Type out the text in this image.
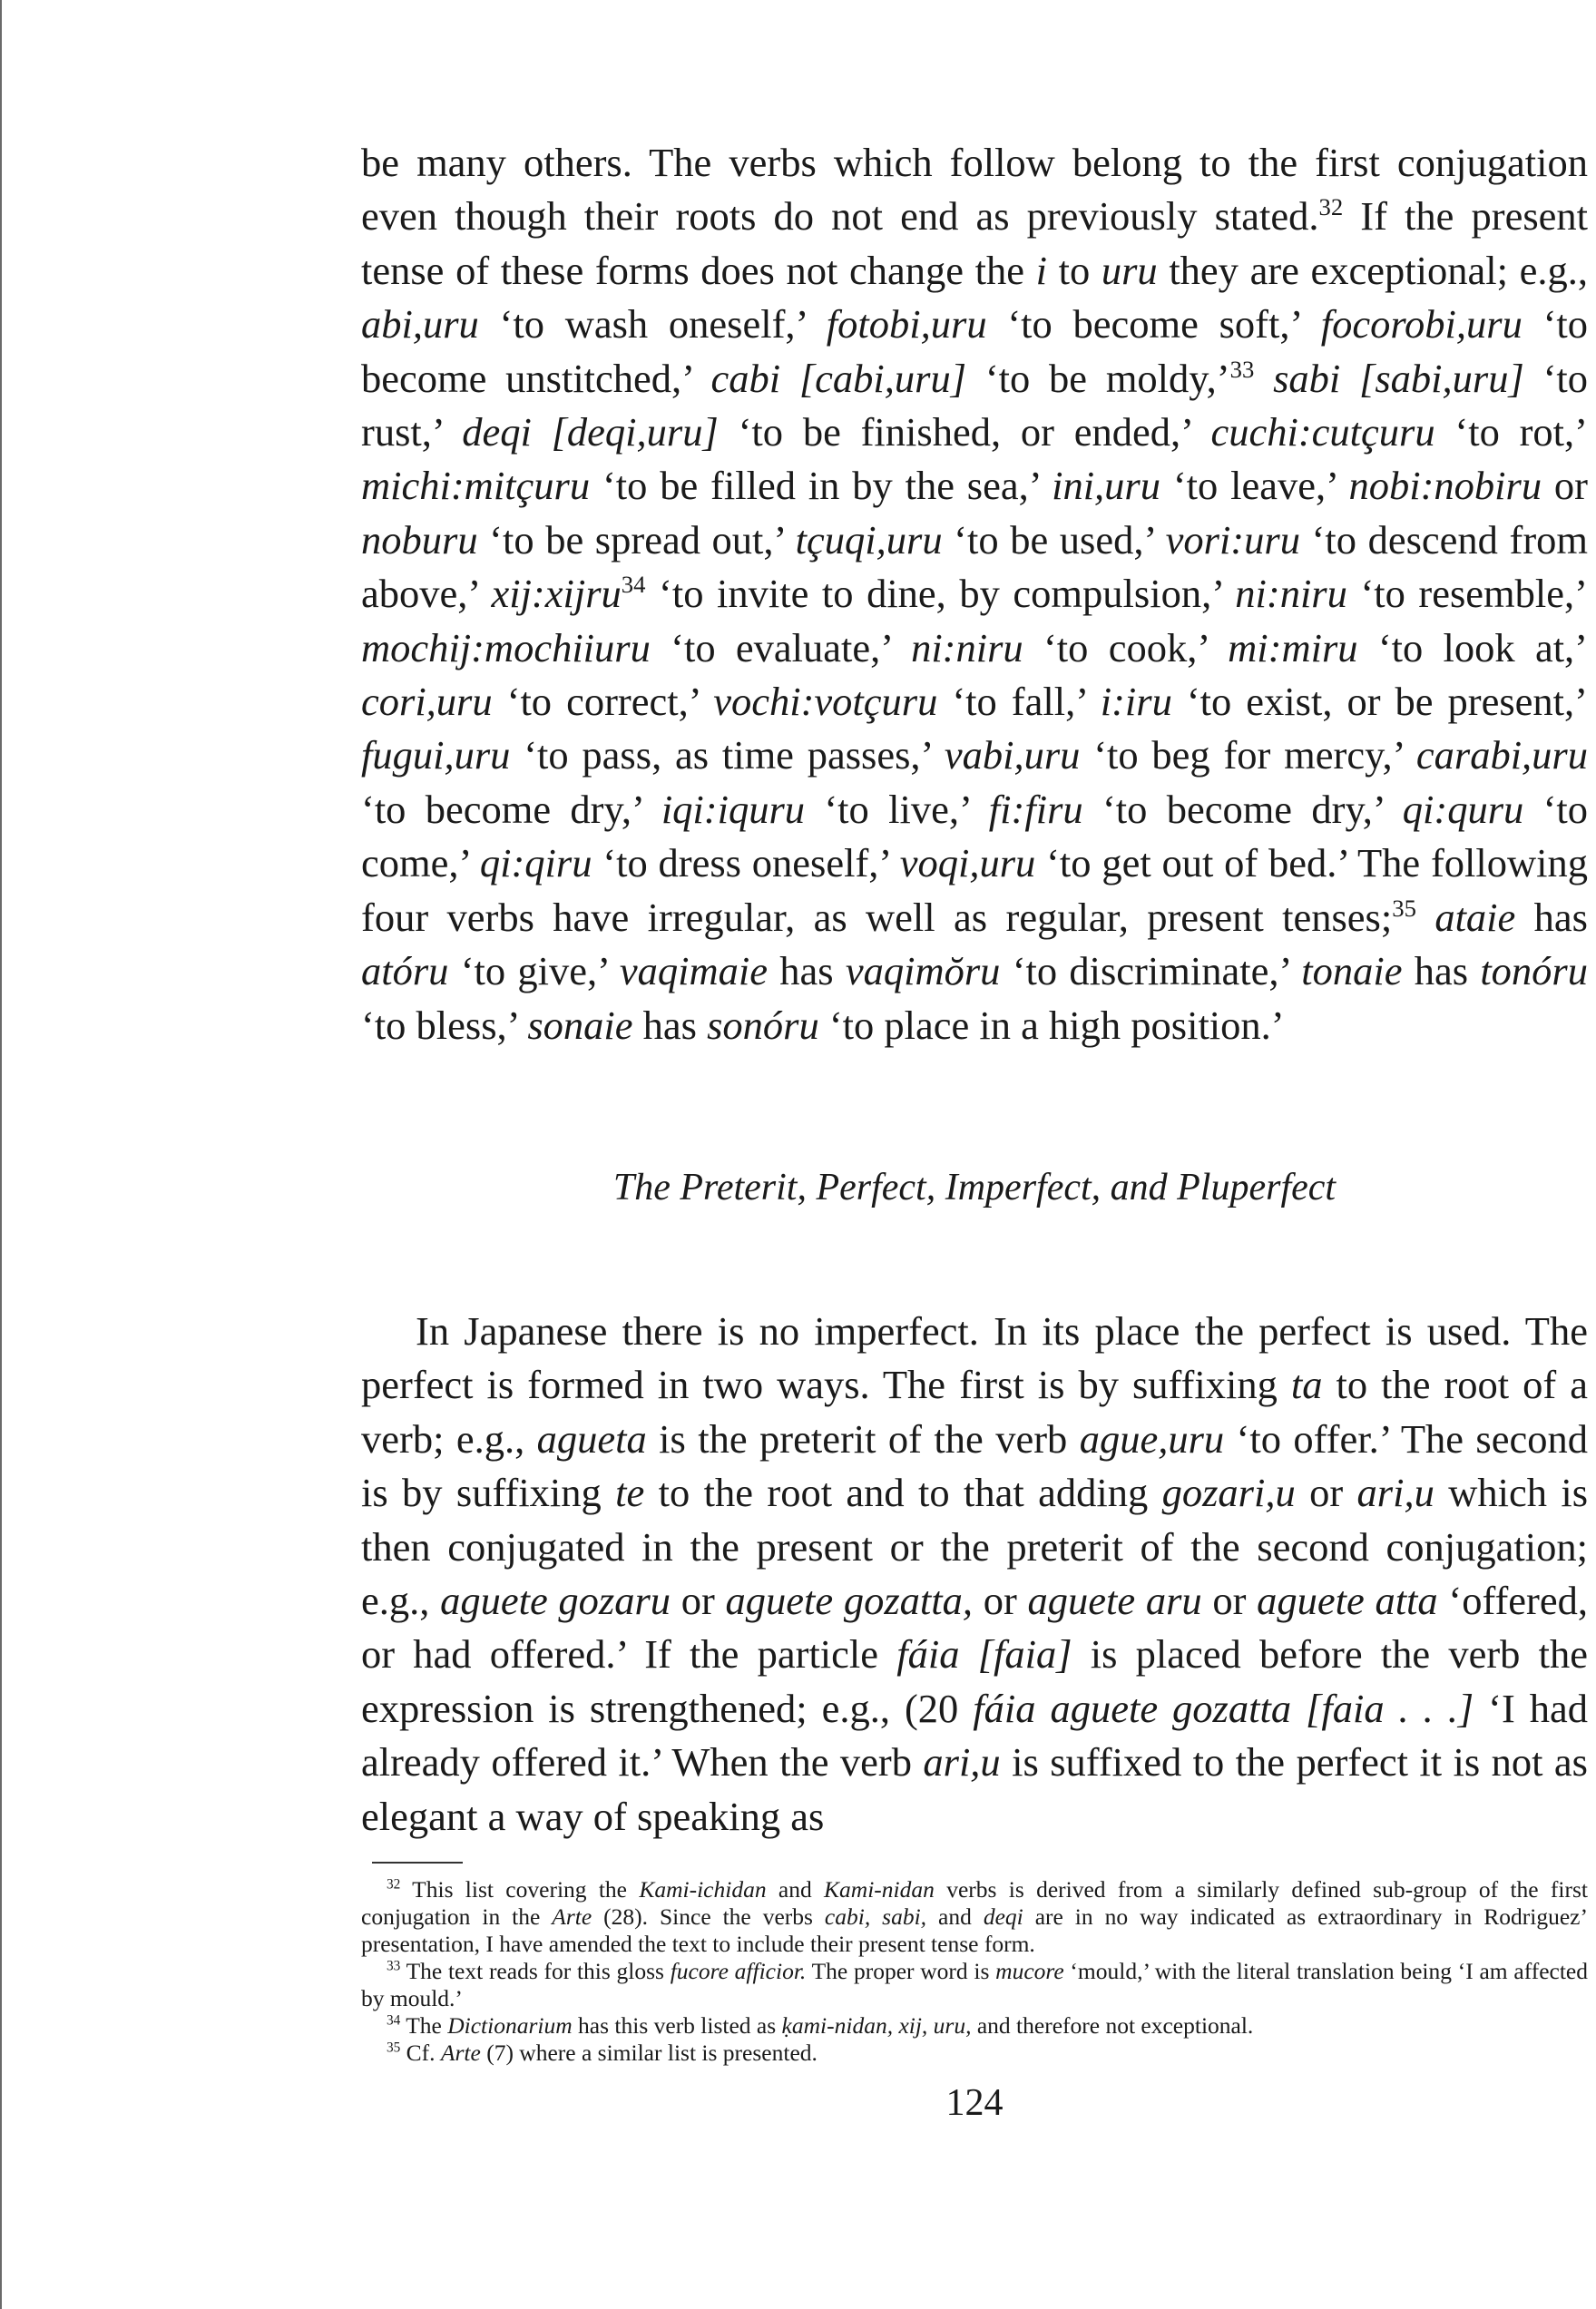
be many others. The verbs which follow belong to the first conjugation even though their roots do not end as previously stated.$^{32}$ If the present tense of these forms does not change the i to uru they are exceptional; e.g., abi,uru ‘to wash oneself,’ fotobi,uru ‘to become soft,’ focorobi,uru ‘to become unstitched,’ cabi [cabi,uru] ‘to be moldy,’$^{33}$ sabi [sabi,uru] ‘to rust,’ deqi [deqi,uru] ‘to be finished, or ended,’ cuchi:cutçuru ‘to rot,’ michi:mitçuru ‘to be filled in by the sea,’ ini,uru ‘to leave,’ nobi:nobiru or noburu ‘to be spread out,’ tçuqi,uru ‘to be used,’ vori:uru ‘to descend from above,’ xij:xijru$^{34}$ ‘to invite to dine, by compulsion,’ ni:niru ‘to resemble,’ mochij:mochiiuru ‘to evaluate,’ ni:niru ‘to cook,’ mi:miru ‘to look at,’ cori,uru ‘to correct,’ vochi:votçuru ‘to fall,’ i:iru ‘to exist, or be present,’ fugui,uru ‘to pass, as time passes,’ vabi,uru ‘to beg for mercy,’ carabi,uru ‘to become dry,’ iqi:iquru ‘to live,’ fi:firu ‘to become dry,’ qi:quru ‘to come,’ qi:qiru ‘to dress oneself,’ voqi,uru ‘to get out of bed.’ The following four verbs have irregular, as well as regular, present tenses;$^{35}$ ataie has atóru ‘to give,’ vaqimaie has vaqimŏru ‘to discriminate,’ tonaie has tonóru ‘to bless,’ sonaie has sonóru ‘to place in a high position.’

The Preterit, Perfect, Imperfect, and Pluperfect

In Japanese there is no imperfect. In its place the perfect is used. The perfect is formed in two ways. The first is by suffixing ta to the root of a verb; e.g., agueta is the preterit of the verb ague,uru ‘to offer.’ The second is by suffixing te to the root and to that adding gozari,u or ari,u which is then conjugated in the present or the preterit of the second conjugation; e.g., aguete gozaru or aguete gozatta, or aguete aru or aguete atta ‘offered, or had offered.’ If the particle fáia [faia] is placed before the verb the expression is strengthened; e.g., (20 fáia aguete gozatta [faia . . .] ‘I had already offered it.’ When the verb ari,u is suffixed to the perfect it is not as elegant a way of speaking as

$^{32}$ This list covering the Kami-ichidan and Kami-nidan verbs is derived from a similarly defined sub-group of the first conjugation in the Arte (28). Since the verbs cabi, sabi, and deqi are in no way indicated as extraordinary in Rodriguez’ presentation, I have amended the text to include their present tense form.

$^{33}$ The text reads for this gloss fucore afficior. The proper word is mucore ‘mould,’ with the literal translation being ‘I am affected by mould.’

$^{34}$ The Dictionarium has this verb listed as ḳami-nidan, xij, uru, and therefore not exceptional.

$^{35}$ Cf. Arte (7) where a similar list is presented.

124
